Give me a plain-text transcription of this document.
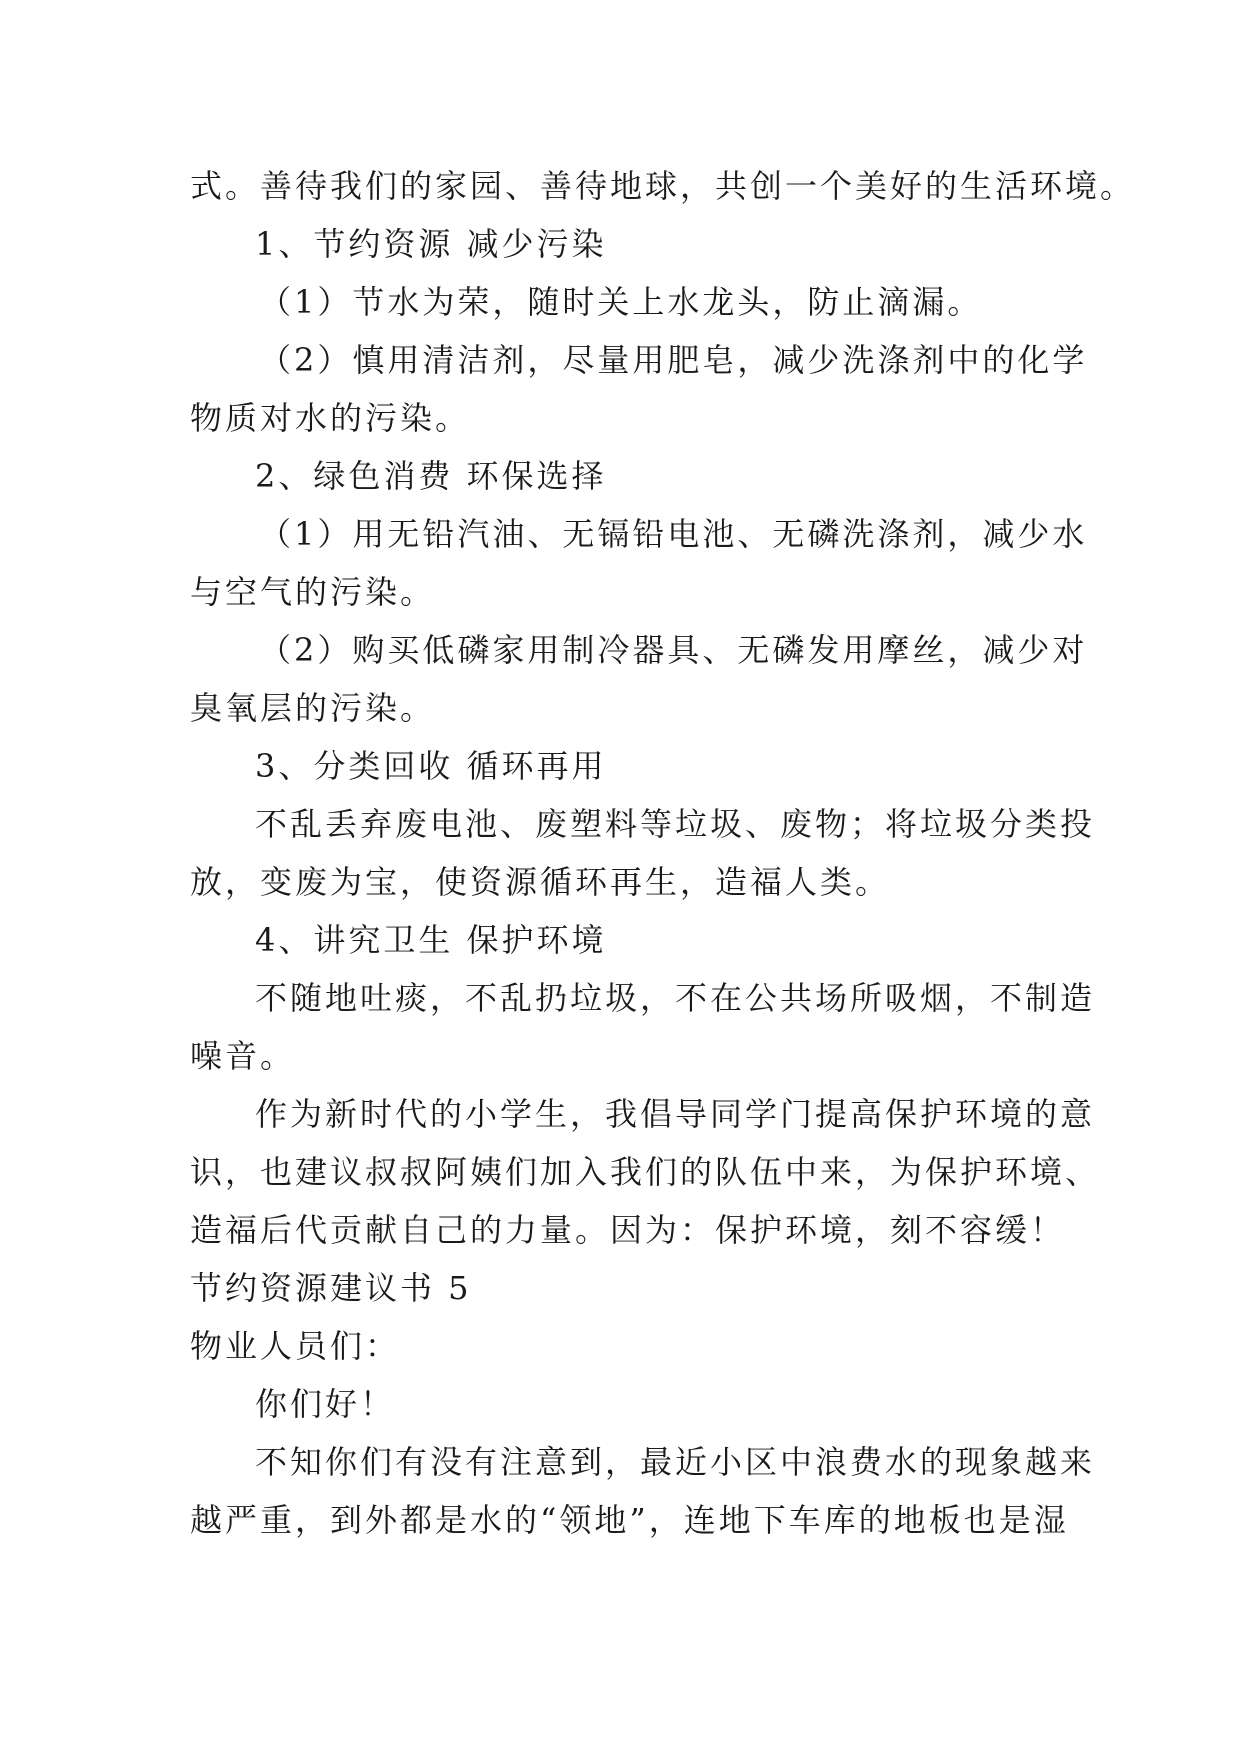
式。善待我们的家园、善待地球，共创一个美好的生活环境。
1、节约资源 减少污染
（1）节水为荣，随时关上水龙头，防止滴漏。
（2）慎用清洁剂，尽量用肥皂，减少洗涤剂中的化学
物质对水的污染。
2、绿色消费 环保选择
（1）用无铅汽油、无镉铅电池、无磷洗涤剂，减少水
与空气的污染。
（2）购买低磷家用制冷器具、无磷发用摩丝，减少对
臭氧层的污染。
3、分类回收 循环再用
不乱丢弃废电池、废塑料等垃圾、废物；将垃圾分类投
放，变废为宝，使资源循环再生，造福人类。
4、讲究卫生 保护环境
不随地吐痰，不乱扔垃圾，不在公共场所吸烟，不制造
噪音。
作为新时代的小学生，我倡导同学门提高保护环境的意
识，也建议叔叔阿姨们加入我们的队伍中来，为保护环境、
造福后代贡献自己的力量。因为：保护环境，刻不容缓！
节约资源建议书 5
物业人员们：
你们好！
不知你们有没有注意到，最近小区中浪费水的现象越来
越严重，到外都是水的“领地”，连地下车库的地板也是湿
